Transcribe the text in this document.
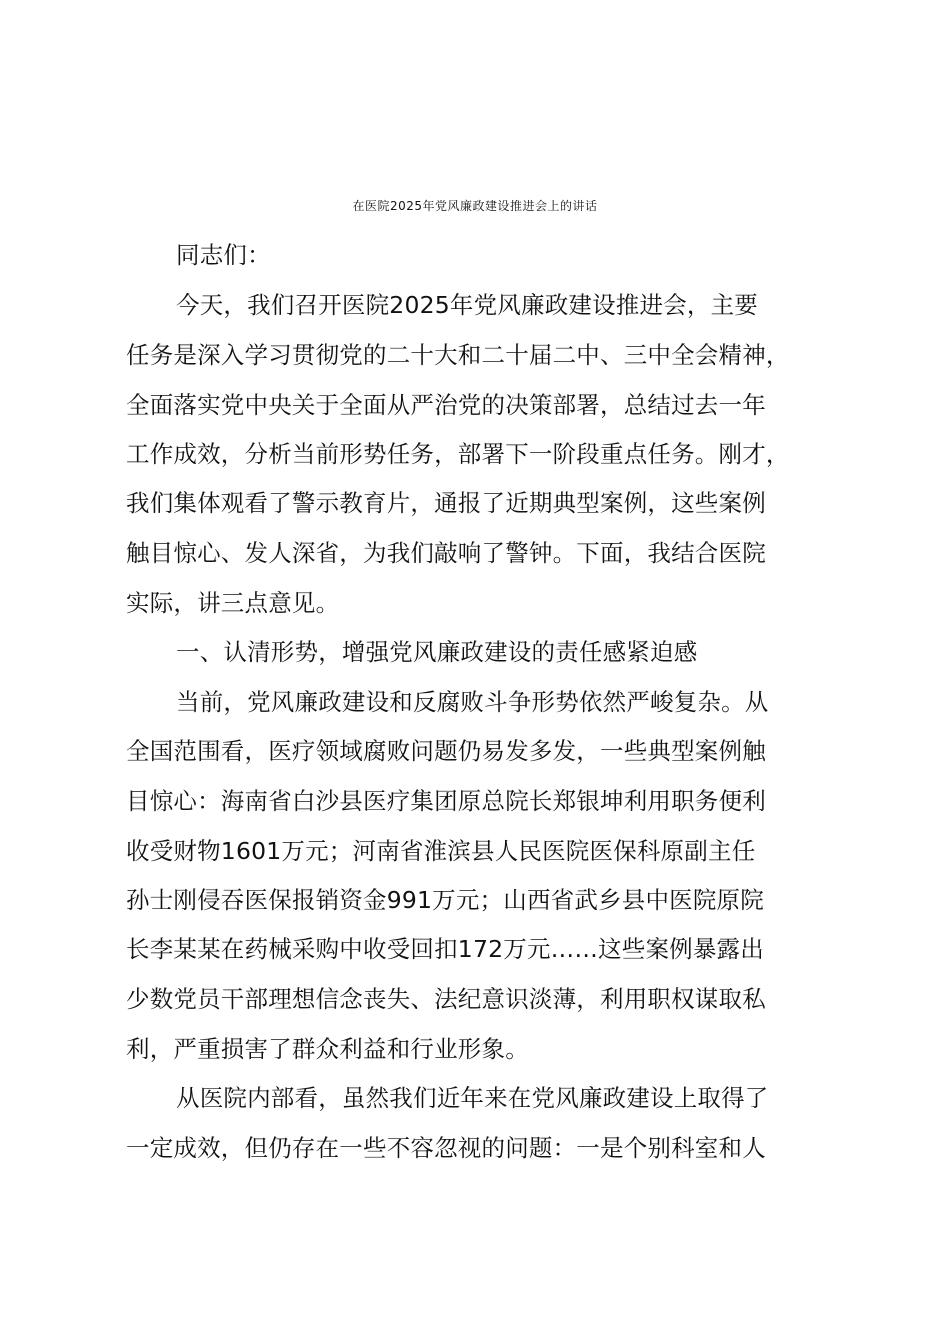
在医院2025年党风廉政建设推进会上的讲话
同志们：
今天，我们召开医院2025年党风廉政建设推进会，主要
任务是深入学习贯彻党的二十大和二十届二中、三中全会精神，
全面落实党中央关于全面从严治党的决策部署，总结过去一年
工作成效，分析当前形势任务，部署下一阶段重点任务。刚才，
我们集体观看了警示教育片，通报了近期典型案例，这些案例
触目惊心、发人深省，为我们敲响了警钟。下面，我结合医院
实际，讲三点意见。
一、认清形势，增强党风廉政建设的责任感紧迫感
当前，党风廉政建设和反腐败斗争形势依然严峻复杂。从
全国范围看，医疗领域腐败问题仍易发多发，一些典型案例触
目惊心：海南省白沙县医疗集团原总院长郑银坤利用职务便利
收受财物1601万元；河南省淮滨县人民医院医保科原副主任
孙士刚侵吞医保报销资金991万元；山西省武乡县中医院原院
长李某某在药械采购中收受回扣172万元……这些案例暴露出
少数党员干部理想信念丧失、法纪意识淡薄，利用职权谋取私
利，严重损害了群众利益和行业形象。
从医院内部看，虽然我们近年来在党风廉政建设上取得了
一定成效，但仍存在一些不容忽视的问题：一是个别科室和人
